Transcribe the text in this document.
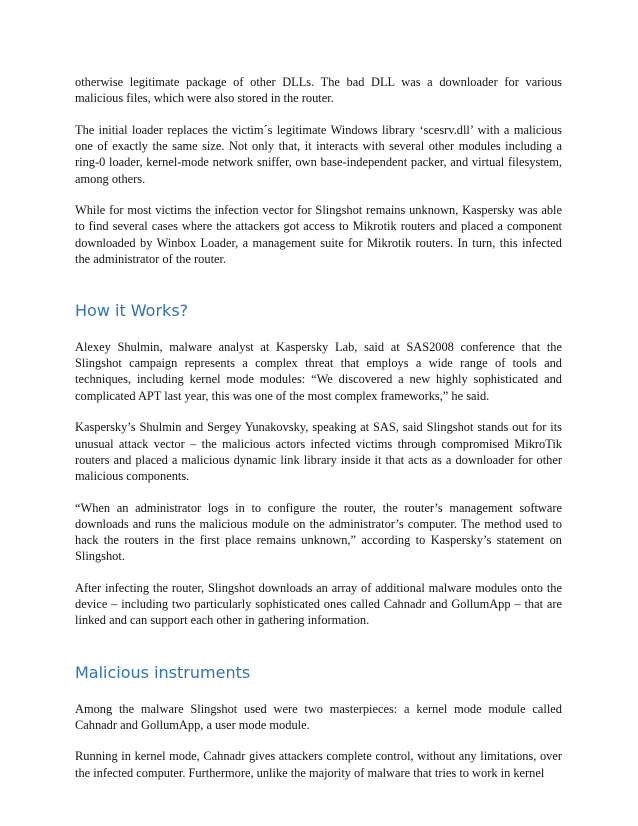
otherwise legitimate package of other DLLs. The bad DLL was a downloader for various malicious files, which were also stored in the router.

The initial loader replaces the victim´s legitimate Windows library ‘scesrv.dll’ with a malicious one of exactly the same size. Not only that, it interacts with several other modules including a ring-0 loader, kernel-mode network sniffer, own base-independent packer, and virtual filesystem, among others.

While for most victims the infection vector for Slingshot remains unknown, Kaspersky was able to find several cases where the attackers got access to Mikrotik routers and placed a component downloaded by Winbox Loader, a management suite for Mikrotik routers. In turn, this infected the administrator of the router.

How it Works?

Alexey Shulmin, malware analyst at Kaspersky Lab, said at SAS2008 conference that the Slingshot campaign represents a complex threat that employs a wide range of tools and techniques, including kernel mode modules: “We discovered a new highly sophisticated and complicated APT last year, this was one of the most complex frameworks,” he said.

Kaspersky’s Shulmin and Sergey Yunakovsky, speaking at SAS, said Slingshot stands out for its unusual attack vector – the malicious actors infected victims through compromised MikroTik routers and placed a malicious dynamic link library inside it that acts as a downloader for other malicious components.

“When an administrator logs in to configure the router, the router’s management software downloads and runs the malicious module on the administrator’s computer. The method used to hack the routers in the first place remains unknown,” according to Kaspersky’s statement on Slingshot.

After infecting the router, Slingshot downloads an array of additional malware modules onto the device – including two particularly sophisticated ones called Cahnadr and GollumApp – that are linked and can support each other in gathering information.

Malicious instruments

Among the malware Slingshot used were two masterpieces: a kernel mode module called Cahnadr and GollumApp, a user mode module.

Running in kernel mode, Cahnadr gives attackers complete control, without any limitations, over the infected computer. Furthermore, unlike the majority of malware that tries to work in kernel
